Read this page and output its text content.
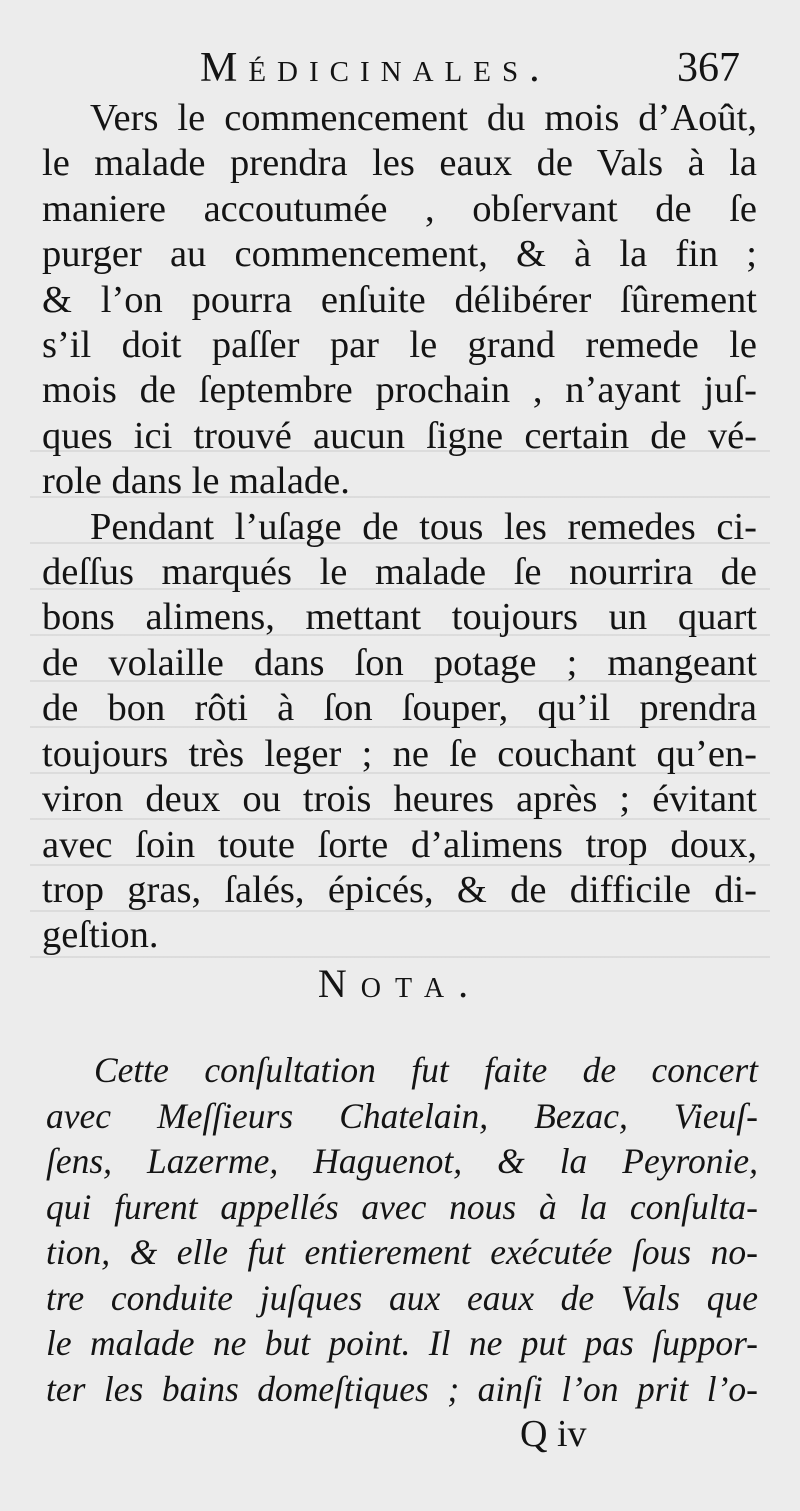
Médicinales.	367
Vers le commencement du mois d’Août,
le malade prendra les eaux de Vals à la
maniere accoutumée , obſervant de ſe
purger au commencement, & à la fin ;
& l’on pourra enſuite délibérer ſûrement
s’il doit paſſer par le grand remede le
mois de ſeptembre prochain , n’ayant juſ-
ques ici trouvé aucun ſigne certain de vé-
role dans le malade.
Pendant l’uſage de tous les remedes ci-
deſſus marqués le malade ſe nourrira de
bons alimens, mettant toujours un quart
de volaille dans ſon potage ; mangeant
de bon rôti à ſon ſouper, qu’il prendra
toujours très leger ; ne ſe couchant qu’en-
viron deux ou trois heures après ; évitant
avec ſoin toute ſorte d’alimens trop doux,
trop gras, ſalés, épicés, & de difficile di-
geſtion.
Nota.
Cette conſultation fut faite de concert
avec Meſſieurs Chatelain, Bezac, Vieuſ-
ſens, Lazerme, Haguenot, & la Peyronie,
qui furent appellés avec nous à la conſulta-
tion, & elle fut entierement exécutée ſous no-
tre conduite juſques aux eaux de Vals que
le malade ne but point. Il ne put pas ſuppor-
ter les bains domeſtiques ; ainſi l’on prit l’o-
Q iv
